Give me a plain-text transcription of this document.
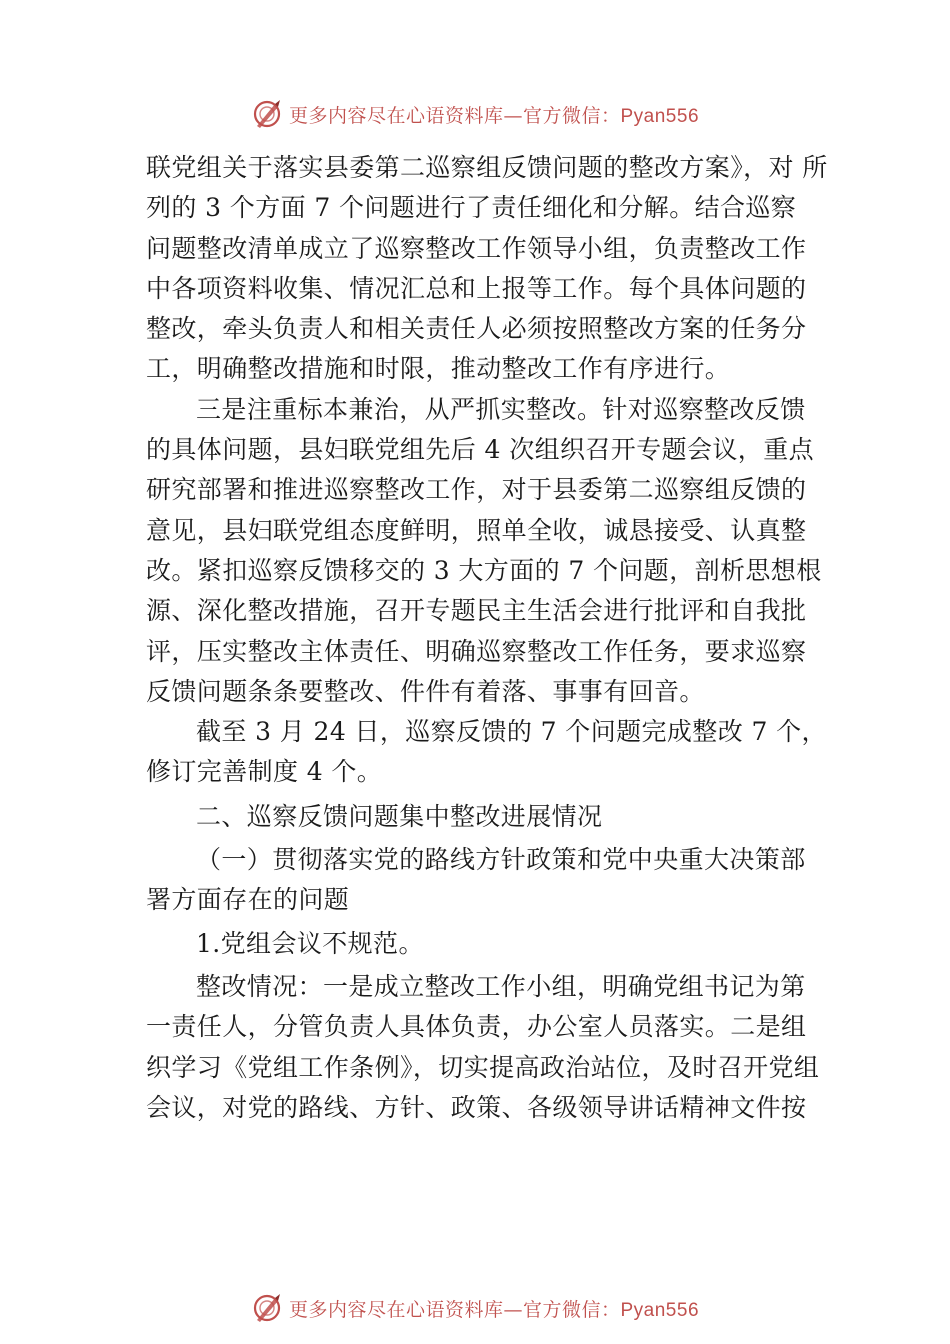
更多内容尽在心语资料库—官方微信：Pyan556

联党组关于落实县委第二巡察组反馈问题的整改方案》，对 所
列的 3 个方面 7 个问题进行了责任细化和分解。结合巡察
问题整改清单成立了巡察整改工作领导小组，负责整改工作
中各项资料收集、情况汇总和上报等工作。每个具体问题的
整改，牵头负责人和相关责任人必须按照整改方案的任务分
工，明确整改措施和时限，推动整改工作有序进行。

三是注重标本兼治，从严抓实整改。针对巡察整改反馈
的具体问题，县妇联党组先后 4 次组织召开专题会议，重点
研究部署和推进巡察整改工作，对于县委第二巡察组反馈的
意见，县妇联党组态度鲜明，照单全收，诚恳接受、认真整
改。紧扣巡察反馈移交的 3 大方面的 7 个问题，剖析思想根
源、深化整改措施，召开专题民主生活会进行批评和自我批
评，压实整改主体责任、明确巡察整改工作任务，要求巡察
反馈问题条条要整改、件件有着落、事事有回音。

截至 3 月 24 日，巡察反馈的 7 个问题完成整改 7 个，
修订完善制度 4 个。

二、巡察反馈问题集中整改进展情况

（一）贯彻落实党的路线方针政策和党中央重大决策部
署方面存在的问题

1.党组会议不规范。

整改情况：一是成立整改工作小组，明确党组书记为第
一责任人，分管负责人具体负责，办公室人员落实。二是组
织学习《党组工作条例》，切实提高政治站位，及时召开党组
会议，对党的路线、方针、政策、各级领导讲话精神文件按

更多内容尽在心语资料库—官方微信：Pyan556
